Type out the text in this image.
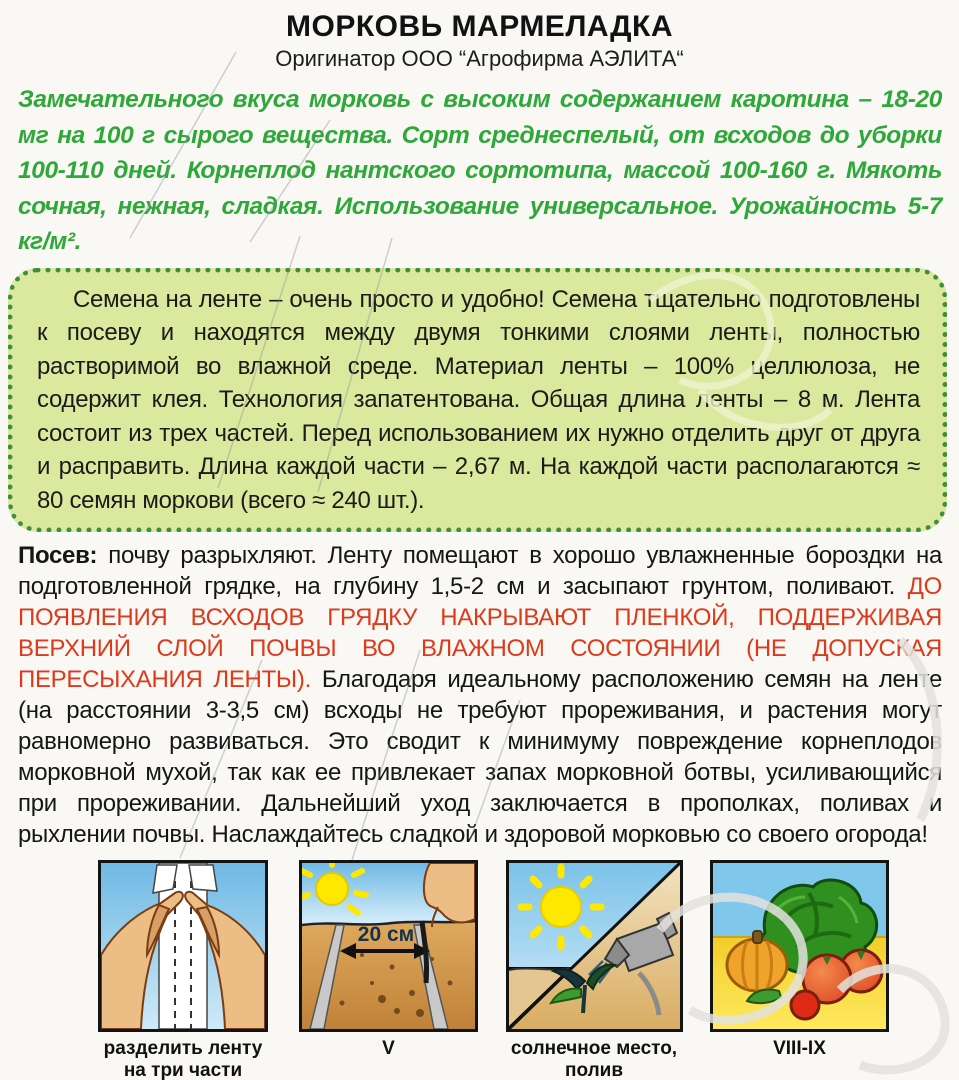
МОРКОВЬ МАРМЕЛАДКА
Оригинатор ООО “Агрофирма АЭЛИТА“

Замечательного вкуса морковь с высоким содержанием каротина – 18-20 мг на 100 г сырого вещества. Сорт среднеспелый, от всходов до уборки 100-110 дней. Корнеплод нантского сортотипа, массой 100-160 г. Мякоть сочная, нежная, сладкая. Использование универсальное. Урожайность 5-7 кг/м².

Семена на ленте – очень просто и удобно! Семена тщательно подготовлены к посеву и находятся между двумя тонкими слоями ленты, полностью растворимой во влажной среде. Материал ленты – 100% целлюлоза, не содержит клея. Технология запатентована. Общая длина ленты – 8 м. Лента состоит из трех частей. Перед использованием их нужно отделить друг от друга и расправить. Длина каждой части – 2,67 м. На каждой части располагаются ≈ 80 семян моркови (всего ≈ 240 шт.).

Посев: почву разрыхляют. Ленту помещают в хорошо увлажненные бороздки на подготовленной грядке, на глубину 1,5-2 см и засыпают грунтом, поливают. ДО ПОЯВЛЕНИЯ ВСХОДОВ ГРЯДКУ НАКРЫВАЮТ ПЛЕНКОЙ, ПОДДЕРЖИВАЯ ВЕРХНИЙ СЛОЙ ПОЧВЫ ВО ВЛАЖНОМ СОСТОЯНИИ (НЕ ДОПУСКАЯ ПЕРЕСЫХАНИЯ ЛЕНТЫ). Благодаря идеальному расположению семян на ленте (на расстоянии 3-3,5 см) всходы не требуют прореживания, и растения могут равномерно развиваться. Это сводит к минимуму повреждение корнеплодов морковной мухой, так как ее привлекает запах морковной ботвы, усиливающийся при прореживании. Дальнейший уход заключается в прополках, поливах и рыхлении почвы. Наслаждайтесь сладкой и здоровой морковью со своего огорода!

разделить ленту на три части
20 см
V	солнечное место, полив
VIII-IX
